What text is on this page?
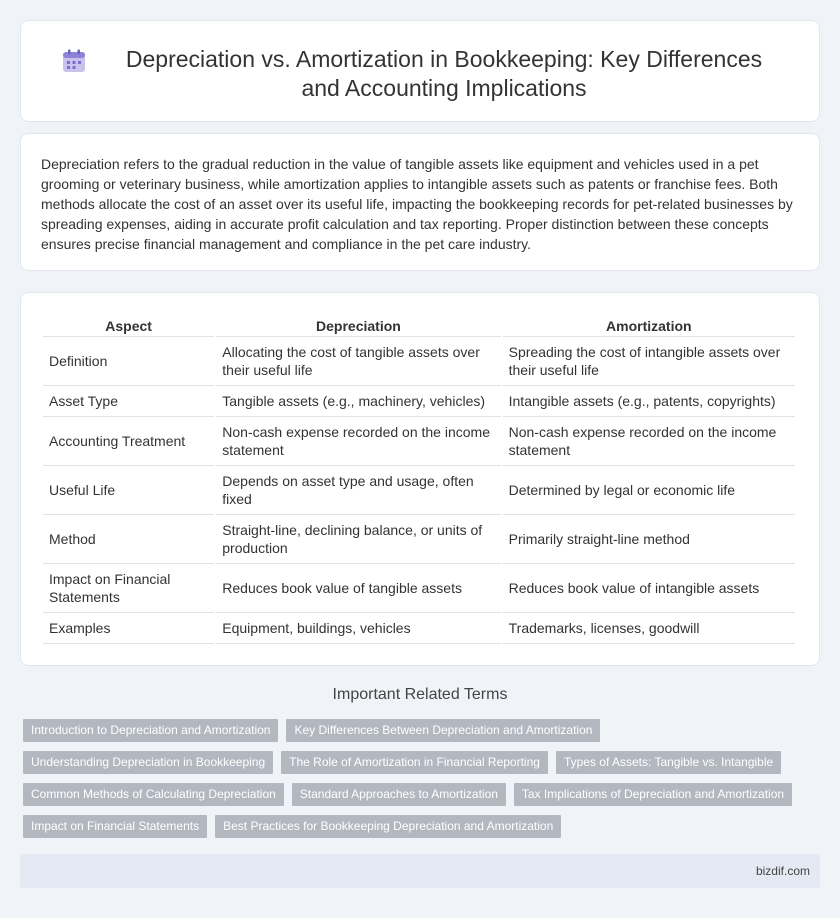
Depreciation vs. Amortization in Bookkeeping: Key Differences and Accounting Implications

Depreciation refers to the gradual reduction in the value of tangible assets like equipment and vehicles used in a pet grooming or veterinary business, while amortization applies to intangible assets such as patents or franchise fees. Both methods allocate the cost of an asset over its useful life, impacting the bookkeeping records for pet-related businesses by spreading expenses, aiding in accurate profit calculation and tax reporting. Proper distinction between these concepts ensures precise financial management and compliance in the pet care industry.

Aspect	Depreciation	Amortization
Definition	Allocating the cost of tangible assets over their useful life	Spreading the cost of intangible assets over their useful life
Asset Type	Tangible assets (e.g., machinery, vehicles)	Intangible assets (e.g., patents, copyrights)
Accounting Treatment	Non-cash expense recorded on the income statement	Non-cash expense recorded on the income statement
Useful Life	Depends on asset type and usage, often fixed	Determined by legal or economic life
Method	Straight-line, declining balance, or units of production	Primarily straight-line method
Impact on Financial Statements	Reduces book value of tangible assets	Reduces book value of intangible assets
Examples	Equipment, buildings, vehicles	Trademarks, licenses, goodwill
Important Related Terms
Introduction to Depreciation and Amortization	Key Differences Between Depreciation and Amortization
Understanding Depreciation in Bookkeeping	The Role of Amortization in Financial Reporting	Types of Assets: Tangible vs. Intangible
Common Methods of Calculating Depreciation	Standard Approaches to Amortization	Tax Implications of Depreciation and Amortization
Impact on Financial Statements	Best Practices for Bookkeeping Depreciation and Amortization
bizdif.com
